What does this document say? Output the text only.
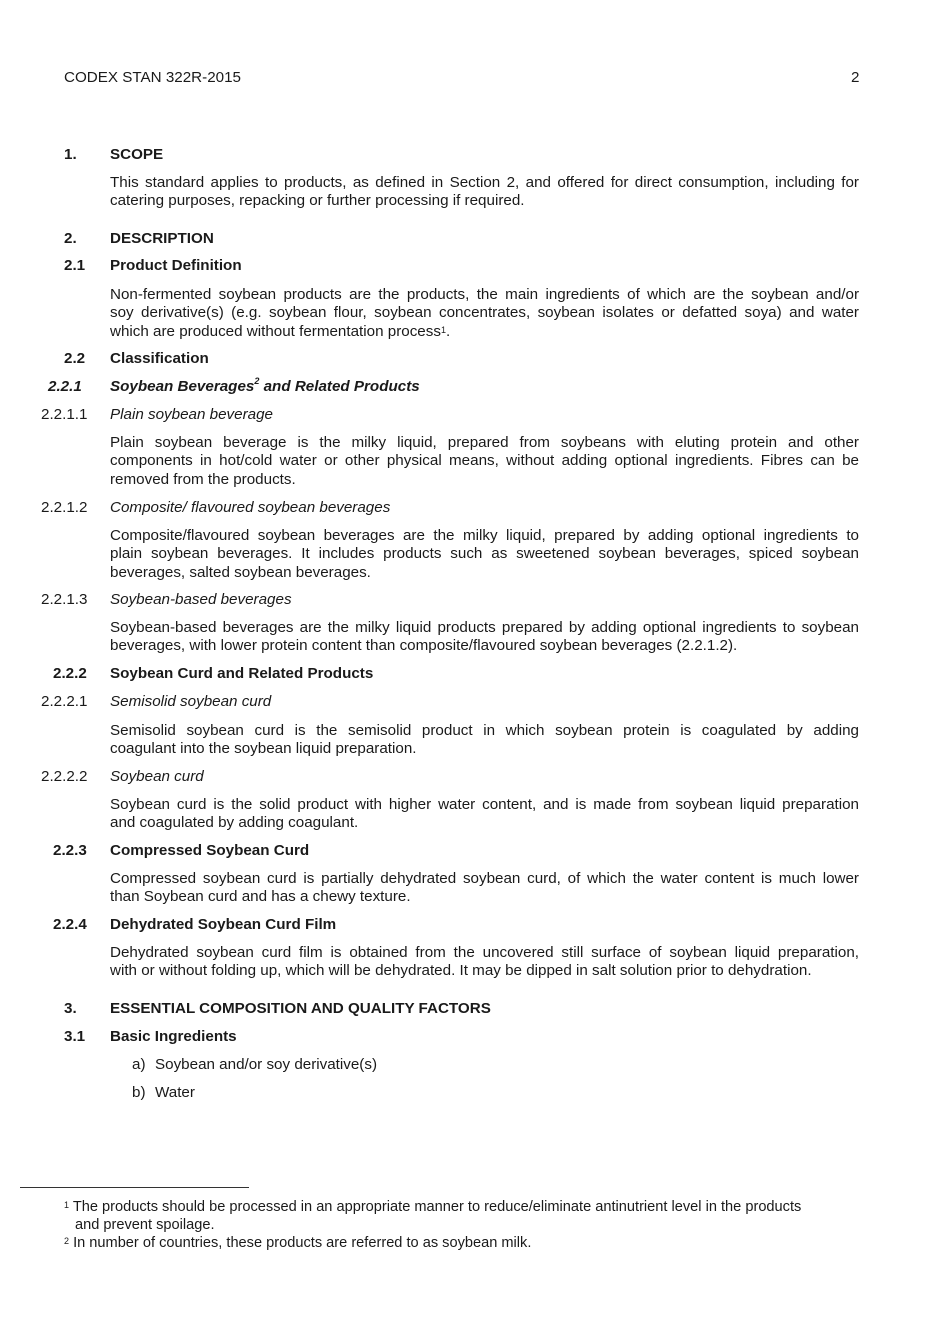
CODEX STAN 322R-2015	2
1. SCOPE
This standard applies to products, as defined in Section 2, and offered for direct consumption, including for
catering purposes, repacking or further processing if required.
2. DESCRIPTION
2.1 Product Definition
Non-fermented soybean products are the products, the main ingredients of which are the soybean and/or
soy derivative(s) (e.g. soybean flour, soybean concentrates, soybean isolates or defatted soya) and water
which are produced without fermentation process$^1$.
2.2 Classification
2.2.1 Soybean Beverages$^2$ and Related Products
2.2.1.1 Plain soybean beverage
Plain soybean beverage is the milky liquid, prepared from soybeans with eluting protein and other
components in hot/cold water or other physical means, without adding optional ingredients. Fibres can be
removed from the products.
2.2.1.2 Composite/ flavoured soybean beverages
Composite/flavoured soybean beverages are the milky liquid, prepared by adding optional ingredients to
plain soybean beverages. It includes products such as sweetened soybean beverages, spiced soybean
beverages, salted soybean beverages.
2.2.1.3 Soybean-based beverages
Soybean-based beverages are the milky liquid products prepared by adding optional ingredients to soybean
beverages, with lower protein content than composite/flavoured soybean beverages (2.2.1.2).
2.2.2 Soybean Curd and Related Products
2.2.2.1 Semisolid soybean curd
Semisolid soybean curd is the semisolid product in which soybean protein is coagulated by adding
coagulant into the soybean liquid preparation.
2.2.2.2 Soybean curd
Soybean curd is the solid product with higher water content, and is made from soybean liquid preparation
and coagulated by adding coagulant.
2.2.3 Compressed Soybean Curd
Compressed soybean curd is partially dehydrated soybean curd, of which the water content is much lower
than Soybean curd and has a chewy texture.
2.2.4 Dehydrated Soybean Curd Film
Dehydrated soybean curd film is obtained from the uncovered still surface of soybean liquid preparation,
with or without folding up, which will be dehydrated. It may be dipped in salt solution prior to dehydration.
3. ESSENTIAL COMPOSITION AND QUALITY FACTORS
3.1 Basic Ingredients
a) Soybean and/or soy derivative(s)
b) Water
$^1$ The products should be processed in an appropriate manner to reduce/eliminate antinutrient level in the products
and prevent spoilage.
$^2$ In number of countries, these products are referred to as soybean milk.
